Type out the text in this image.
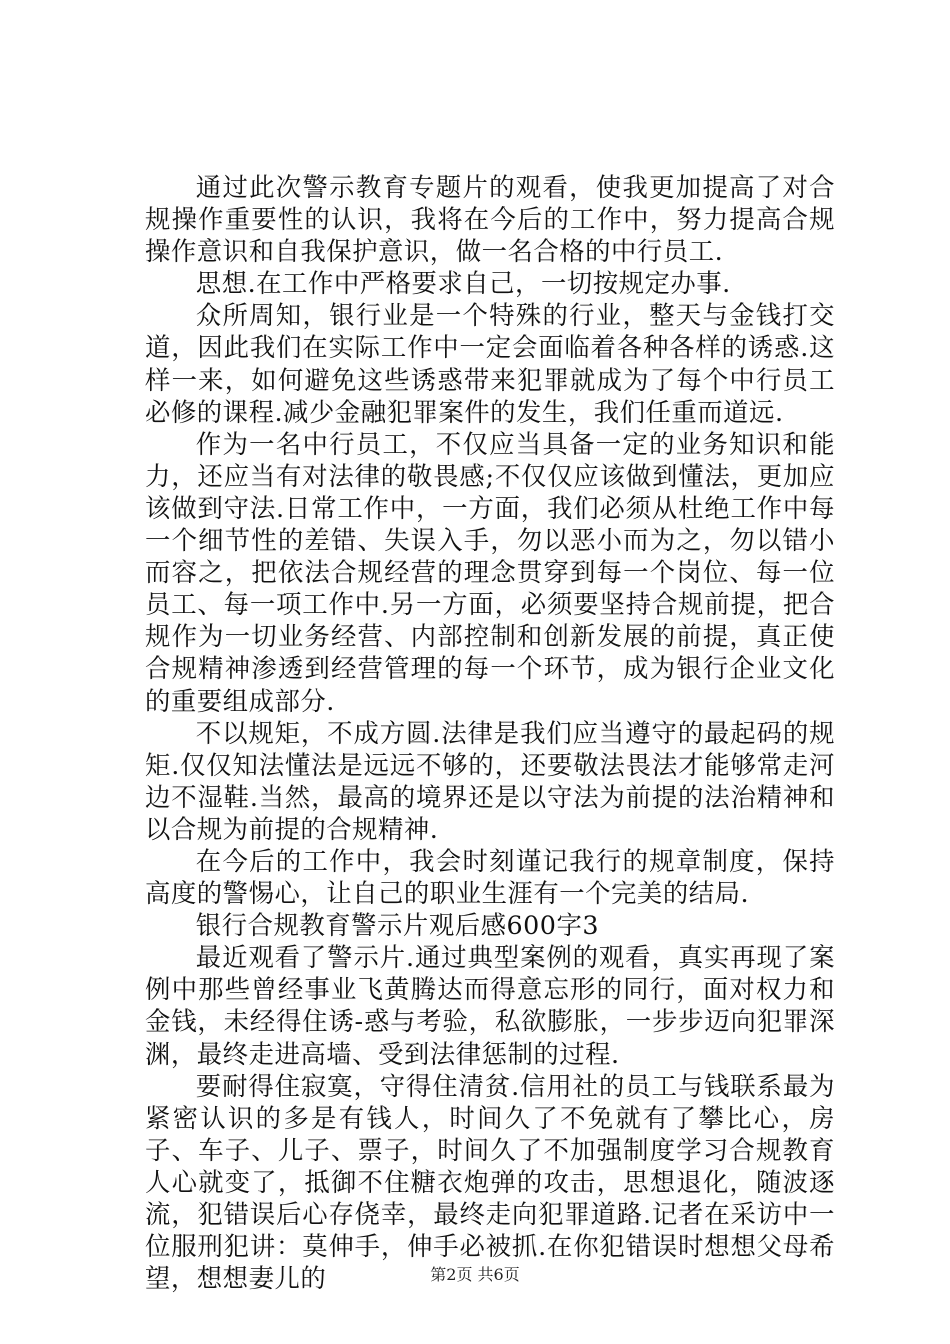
通过此次警示教育专题片的观看，使我更加提高了对合规操作重要性的认识，我将在今后的工作中，努力提高合规操作意识和自我保护意识，做一名合格的中行员工.

思想.在工作中严格要求自己，一切按规定办事.

众所周知，银行业是一个特殊的行业，整天与金钱打交道，因此我们在实际工作中一定会面临着各种各样的诱惑.这样一来，如何避免这些诱惑带来犯罪就成为了每个中行员工必修的课程.减少金融犯罪案件的发生，我们任重而道远.

作为一名中行员工，不仅应当具备一定的业务知识和能力，还应当有对法律的敬畏感;不仅仅应该做到懂法，更加应该做到守法.日常工作中，一方面，我们必须从杜绝工作中每一个细节性的差错、失误入手，勿以恶小而为之，勿以错小而容之，把依法合规经营的理念贯穿到每一个岗位、每一位员工、每一项工作中.另一方面，必须要坚持合规前提，把合规作为一切业务经营、内部控制和创新发展的前提，真正使合规精神渗透到经营管理的每一个环节，成为银行企业文化的重要组成部分.

不以规矩，不成方圆.法律是我们应当遵守的最起码的规矩.仅仅知法懂法是远远不够的，还要敬法畏法才能够常走河边不湿鞋.当然，最高的境界还是以守法为前提的法治精神和以合规为前提的合规精神.

在今后的工作中，我会时刻谨记我行的规章制度，保持高度的警惕心，让自己的职业生涯有一个完美的结局.

银行合规教育警示片观后感600字3

最近观看了警示片.通过典型案例的观看，真实再现了案例中那些曾经事业飞黄腾达而得意忘形的同行，面对权力和金钱，未经得住诱-惑与考验，私欲膨胀，一步步迈向犯罪深渊，最终走进高墙、受到法律惩制的过程.

要耐得住寂寞，守得住清贫.信用社的员工与钱联系最为紧密认识的多是有钱人，时间久了不免就有了攀比心，房子、车子、儿子、票子，时间久了不加强制度学习合规教育人心就变了，抵御不住糖衣炮弹的攻击，思想退化，随波逐流，犯错误后心存侥幸，最终走向犯罪道路.记者在采访中一位服刑犯讲：莫伸手，伸手必被抓.在你犯错误时想想父母希望，想想妻儿的	第2页 共6页
